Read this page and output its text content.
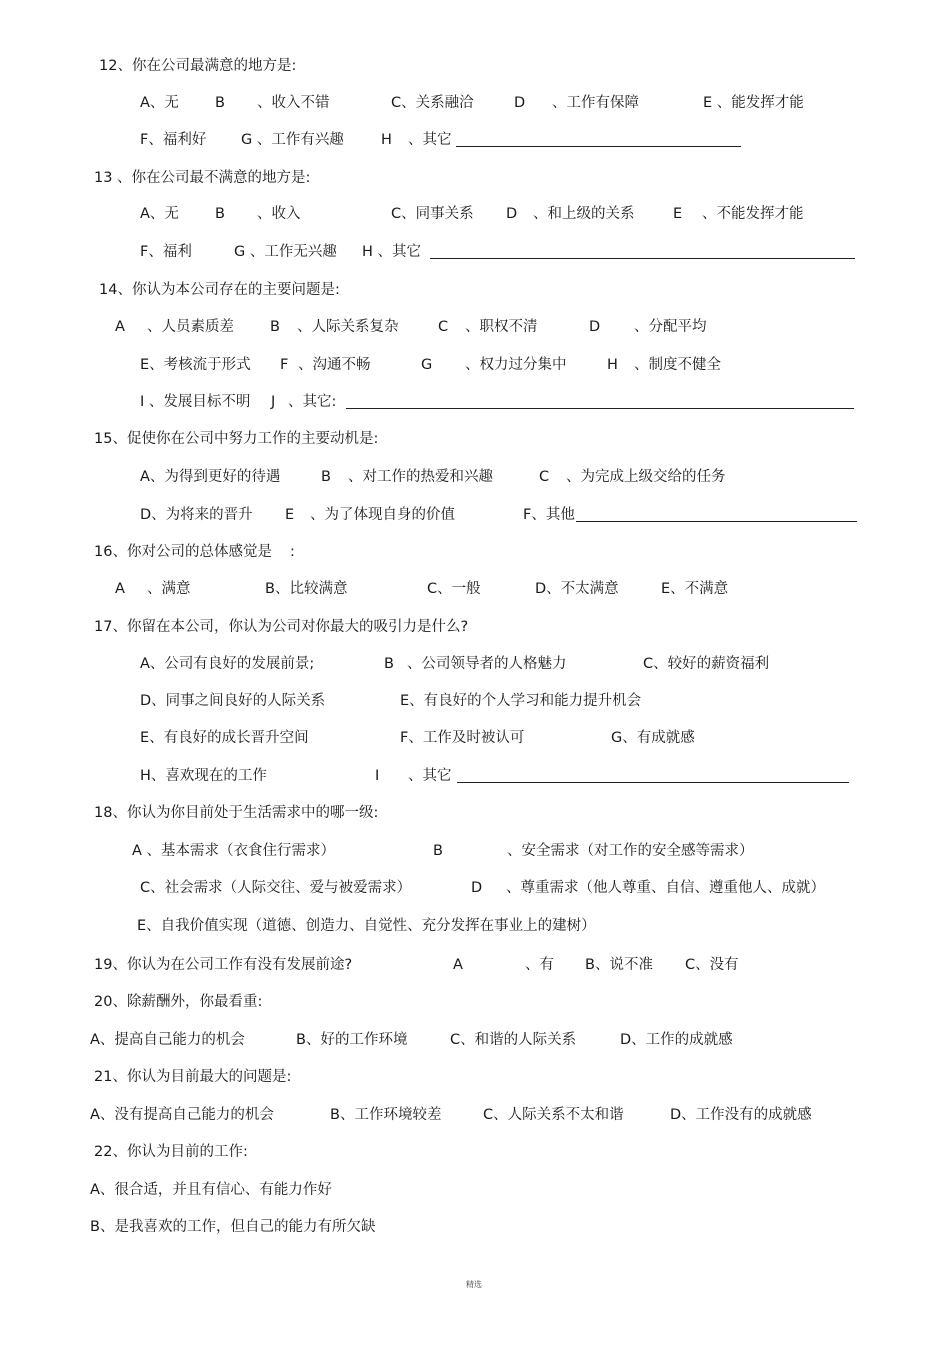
12、你在公司最满意的地方是:
A、无 B 、收入不错	C、关系融洽	D 、工作有保障	E 、能发挥才能
F、福利好 G 、工作有兴趣	H 、其它
13 、你在公司最不满意的地方是:
A、无 B 、收入	C、同事关系 D 、和上级的关系	E 、不能发挥才能
F、福利	G 、工作无兴趣 H 、其它
14、你认为本公司存在的主要问题是:
A 、人员素质差 B 、人际关系复杂	C 、职权不清	D 、分配平均
E、考核流于形式 F 、沟通不畅	G 、权力过分集中	H 、制度不健全
I 、发展目标不明 J 、其它:
15、促使你在公司中努力工作的主要动机是:
A、为得到更好的待遇	B 、对工作的热爱和兴趣	C 、为完成上级交给的任务
D、为将来的晋升 E 、为了体现自身的价值	F、其他
16、你对公司的总体感觉是 :
A 、满意	B、比较满意	C、一般	D、不太满意	E、不满意
17、你留在本公司，你认为公司对你最大的吸引力是什么?
A、公司有良好的发展前景;	B 、公司领导者的人格魅力	C、较好的薪资福利
D、同事之间良好的人际关系	E、有良好的个人学习和能力提升机会
E、有良好的成长晋升空间	F、工作及时被认可	G、有成就感
H、喜欢现在的工作	I 、其它
18、你认为你目前处于生活需求中的哪一级:
A 、基本需求（衣食住行需求）	B	、安全需求（对工作的安全感等需求）
C、社会需求（人际交往、爱与被爱需求）	D 、尊重需求（他人尊重、自信、遵重他人、成就）
E、自我价值实现（道德、创造力、自觉性、充分发挥在事业上的建树）
19、你认为在公司工作有没有发展前途?	A	、有 B、说不准 C、没有
20、除薪酬外，你最看重:
A、提高自己能力的机会	B、好的工作环境	C、和谐的人际关系	D、工作的成就感
21、你认为目前最大的问题是:
A、没有提高自己能力的机会	B、工作环境较差	C、人际关系不太和谐	D、工作没有的成就感
22、你认为目前的工作:
A、很合适，并且有信心、有能力作好
B、是我喜欢的工作，但自己的能力有所欠缺
精选
